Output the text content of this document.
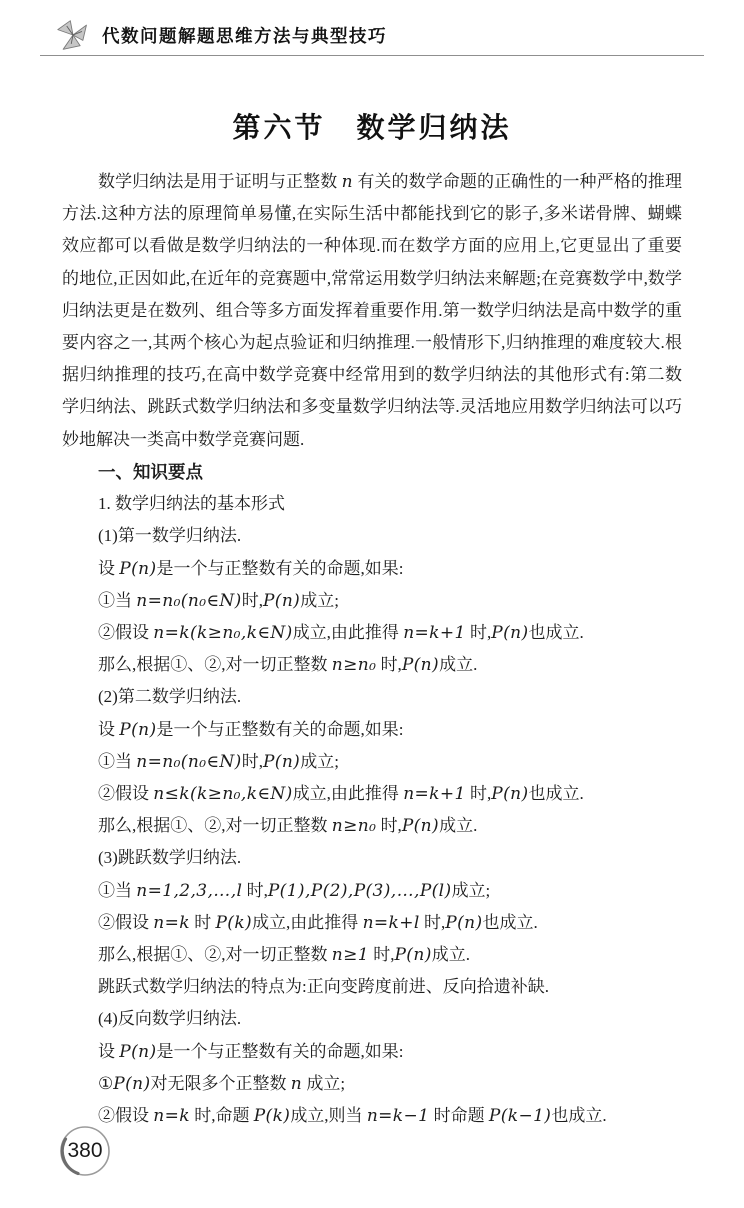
代数问题解题思维方法与典型技巧
第六节　数学归纳法

数学归纳法是用于证明与正整数 n 有关的数学命题的正确性的一种严格的推理方法.这种方法的原理简单易懂,在实际生活中都能找到它的影子,多米诺骨牌、蝴蝶效应都可以看做是数学归纳法的一种体现.而在数学方面的应用上,它更显出了重要的地位,正因如此,在近年的竞赛题中,常常运用数学归纳法来解题;在竞赛数学中,数学归纳法更是在数列、组合等多方面发挥着重要作用.第一数学归纳法是高中数学的重要内容之一,其两个核心为起点验证和归纳推理.一般情形下,归纳推理的难度较大.根据归纳推理的技巧,在高中数学竞赛中经常用到的数学归纳法的其他形式有:第二数学归纳法、跳跃式数学归纳法和多变量数学归纳法等.灵活地应用数学归纳法可以巧妙地解决一类高中数学竞赛问题.

一、知识要点

1. 数学归纳法的基本形式

(1)第一数学归纳法.

设 P(n)是一个与正整数有关的命题,如果:

①当 n=n₀(n₀∈N)时,P(n)成立;

②假设 n=k(k≥n₀,k∈N)成立,由此推得 n=k+1 时,P(n)也成立.

那么,根据①、②,对一切正整数 n≥n₀ 时,P(n)成立.

(2)第二数学归纳法.

设 P(n)是一个与正整数有关的命题,如果:

①当 n=n₀(n₀∈N)时,P(n)成立;

②假设 n≤k(k≥n₀,k∈N)成立,由此推得 n=k+1 时,P(n)也成立.

那么,根据①、②,对一切正整数 n≥n₀ 时,P(n)成立.

(3)跳跃数学归纳法.

①当 n=1,2,3,…,l 时,P(1),P(2),P(3),…,P(l)成立;

②假设 n=k 时 P(k)成立,由此推得 n=k+l 时,P(n)也成立.

那么,根据①、②,对一切正整数 n≥1 时,P(n)成立.

跳跃式数学归纳法的特点为:正向变跨度前进、反向拾遗补缺.

(4)反向数学归纳法.

设 P(n)是一个与正整数有关的命题,如果:

①P(n)对无限多个正整数 n 成立;

②假设 n=k 时,命题 P(k)成立,则当 n=k−1 时命题 P(k−1)也成立.

380
